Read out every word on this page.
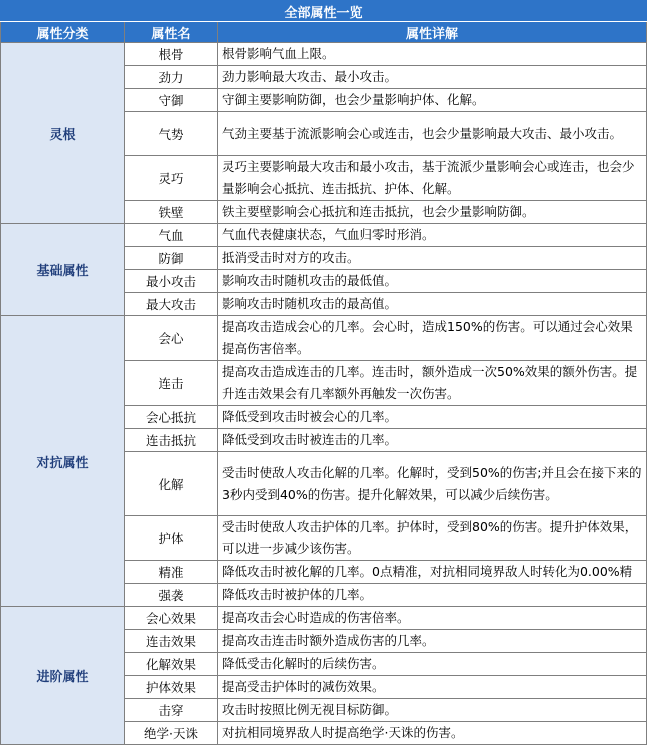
全部属性一览		
属性分类	属性名	属性详解
灵根	根骨	根骨影响气血上限。
	劲力	劲力影响最大攻击、最小攻击。
	守御	守御主要影响防御，也会少量影响护体、化解。
	气势	气劲主要基于流派影响会心或连击，也会少量影响最大攻击、最小攻击。
	灵巧	灵巧主要影响最大攻击和最小攻击，基于流派少量影响会心或连击，也会少量影响会心抵抗、连击抵抗、护体、化解。
	铁壁	铁主要壁影响会心抵抗和连击抵抗，也会少量影响防御。
基础属性	气血	气血代表健康状态，气血归零时形消。
	防御	抵消受击时对方的攻击。
	最小攻击	影响攻击时随机攻击的最低值。
	最大攻击	影响攻击时随机攻击的最高值。
对抗属性	会心	提高攻击造成会心的几率。会心时，造成150%的伤害。可以通过会心效果提高伤害倍率。
	连击	提高攻击造成连击的几率。连击时，额外造成一次50%效果的额外伤害。提升连击效果会有几率额外再触发一次伤害。
	会心抵抗	降低受到攻击时被会心的几率。
	连击抵抗	降低受到攻击时被连击的几率。
	化解	受击时使敌人攻击化解的几率。化解时，受到50%的伤害;并且会在接下来的3秒内受到40%的伤害。提升化解效果，可以减少后续伤害。
	护体	受击时使敌人攻击护体的几率。护体时，受到80%的伤害。提升护体效果，可以进一步减少该伤害。
	精准	降低攻击时被化解的几率。0点精准，对抗相同境界敌人时转化为0.00%精
	强袭	降低攻击时被护体的几率。
进阶属性	会心效果	提高攻击会心时造成的伤害倍率。
	连击效果	提高攻击连击时额外造成伤害的几率。
	化解效果	降低受击化解时的后续伤害。
	护体效果	提高受击护体时的减伤效果。
	击穿	攻击时按照比例无视目标防御。
	绝学·天诛	对抗相同境界敌人时提高绝学·天诛的伤害。
